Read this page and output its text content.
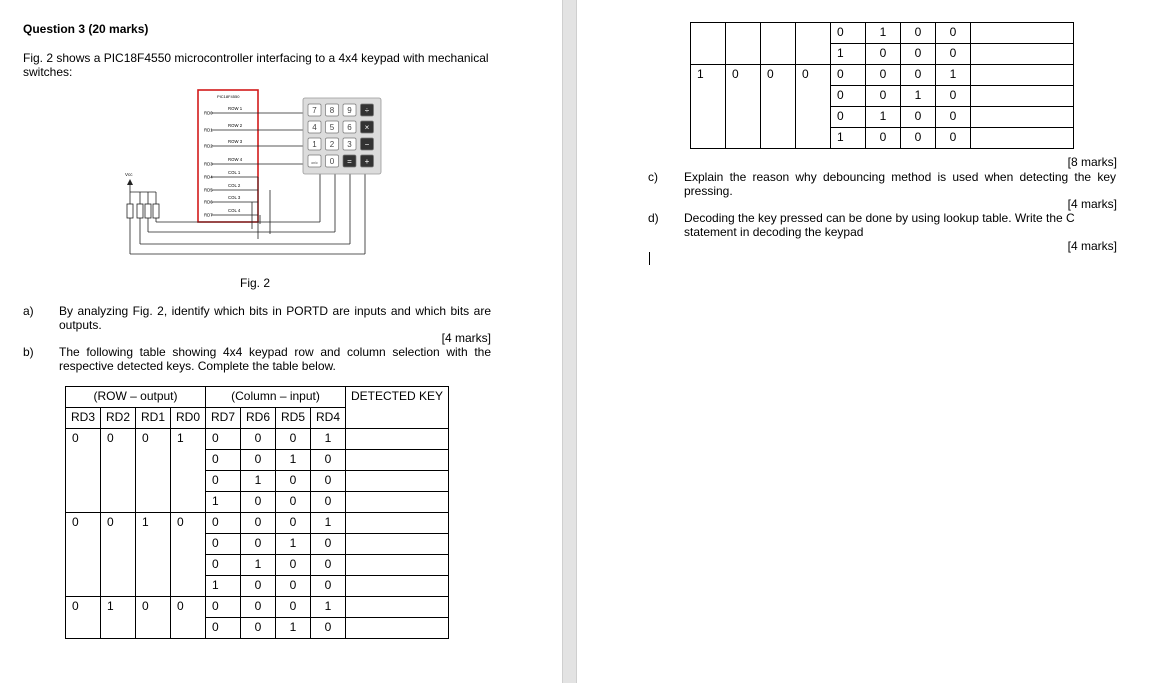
Question 3 (20 marks)
Fig. 2 shows a PIC18F4550 microcontroller interfacing to a 4x4 keypad with mechanical switches:
PIC18F4550
RD0
RD1
RD2
RD3
RD4
RD5
RD6
RD7
ROW 1
ROW 2
ROW 3
ROW 4
COL 1
COL 2
COL 3
COL 4
Vcc
7 8 9 ÷
4 5 6 ×
1 2 3 −
on/c 0 = +
Fig. 2
a) By analyzing Fig. 2, identify which bits in PORTD are inputs and which bits are outputs.
[4 marks]
b) The following table showing 4x4 keypad row and column selection with the respective detected keys. Complete the table below.
(ROW – output)				(Column – input)				DETECTED KEY
RD3	RD2	RD1	RD0	RD7	RD6	RD5	RD4	
0	0	0	1	0	0	0	1	
				0	0	1	0	
				0	1	0	0	
				1	0	0	0	
0	0	1	0	0	0	0	1	
				0	0	1	0	
				0	1	0	0	
				1	0	0	0	
0	1	0	0	0	0	0	1	
				0	0	1	0	
				0	1	0	0	
				1	0	0	0	
1	0	0	0	0	0	0	1	
				0	0	1	0	
				0	1	0	0	
				1	0	0	0	
[8 marks]
c) Explain the reason why debouncing method is used when detecting the key pressing.
[4 marks]
d) Decoding the key pressed can be done by using lookup table. Write the C statement in decoding the keypad
[4 marks]
